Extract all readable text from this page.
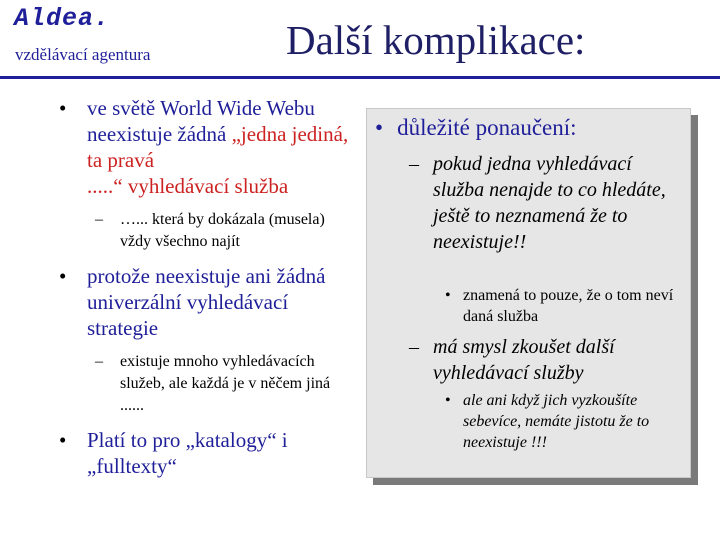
Aldea.
vzdělávací agentura	Další komplikace:
• ve světě World Wide Webu neexistuje žádná „jedna jediná, ta pravá
.....“ vyhledávací služba
– …... která by dokázala (musela) vždy všechno najít
• protože neexistuje ani žádná univerzální vyhledávací strategie
– existuje mnoho vyhledávacích služeb, ale každá je v něčem jiná ......
• Platí to pro „katalogy“ i „fulltexty“
• důležité ponaučení:
– pokud jedna vyhledávací služba nenajde to co hledáte, ještě to neznamená že to neexistuje!!
• znamená to pouze, že o tom neví daná služba
– má smysl zkoušet další vyhledávací služby
• ale ani když jich vyzkoušíte sebevíce, nemáte jistotu že to neexistuje !!!
